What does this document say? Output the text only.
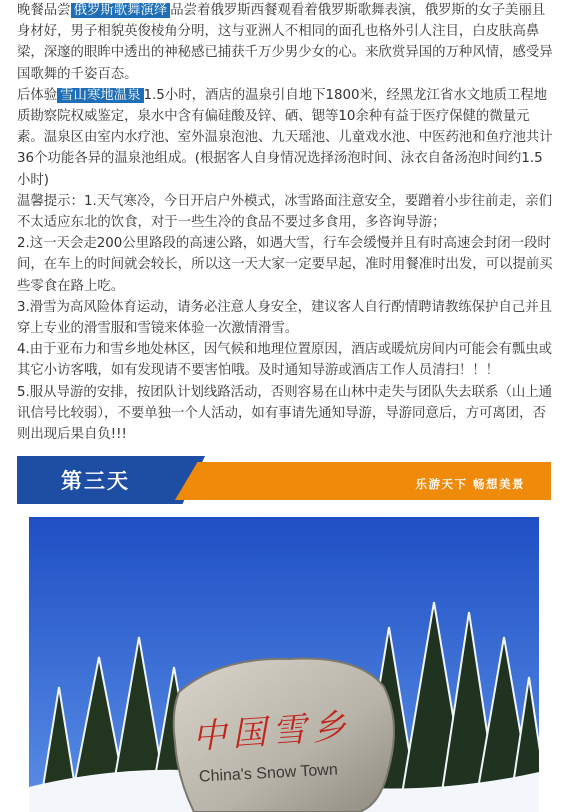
晚餐品尝 俄罗斯歌舞演绎 品尝着俄罗斯西餐观看着俄罗斯歌舞表演，俄罗斯的女子美丽且身材好，男子相貌英俊棱角分明，这与亚洲人不相同的面孔也格外引人注目，白皮肤高鼻梁，深邃的眼眸中透出的神秘感已捕获千万少男少女的心。来欣赏异国的万种风情，感受异国歌舞的千姿百态。

后体验 雪山寒地温泉 1.5小时，酒店的温泉引自地下1800米，经黑龙江省水文地质工程地质勘察院权威鉴定，泉水中含有偏硅酸及锌、硒、锶等10余种有益于医疗保健的微量元素。温泉区由室内水疗池、室外温泉泡池、九天瑶池、儿童戏水池、中医药池和鱼疗池共计36个功能各异的温泉池组成。(根据客人自身情况选择汤泡时间、泳衣自备汤泡时间约1.5小时)

温馨提示：1.天气寒冷，今日开启户外模式，冰雪路面注意安全，要蹭着小步往前走，亲们不太适应东北的饮食，对于一些生冷的食品不要过多食用，多咨询导游；

2.这一天会走200公里路段的高速公路，如遇大雪，行车会缓慢并且有时高速会封闭一段时间，在车上的时间就会较长，所以这一天大家一定要早起，准时用餐准时出发，可以提前买些零食在路上吃。

3.滑雪为高风险体育运动，请务必注意人身安全，建议客人自行酌情聘请教练保护自己并且穿上专业的滑雪服和雪镜来体验一次激情滑雪。

4.由于亚布力和雪乡地处林区，因气候和地理位置原因，酒店或暖炕房间内可能会有瓢虫或其它小访客哦，如有发现请不要害怕哦。及时通知导游或酒店工作人员清扫！！！

5.服从导游的安排，按团队计划线路活动，否则容易在山林中走失与团队失去联系（山上通讯信号比较弱），不要单独一个人活动，如有事请先通知导游，导游同意后，方可离团，否则出现后果自负!!!

第三天	乐游天下 畅想美景
中国雪乡
China's Snow Town
